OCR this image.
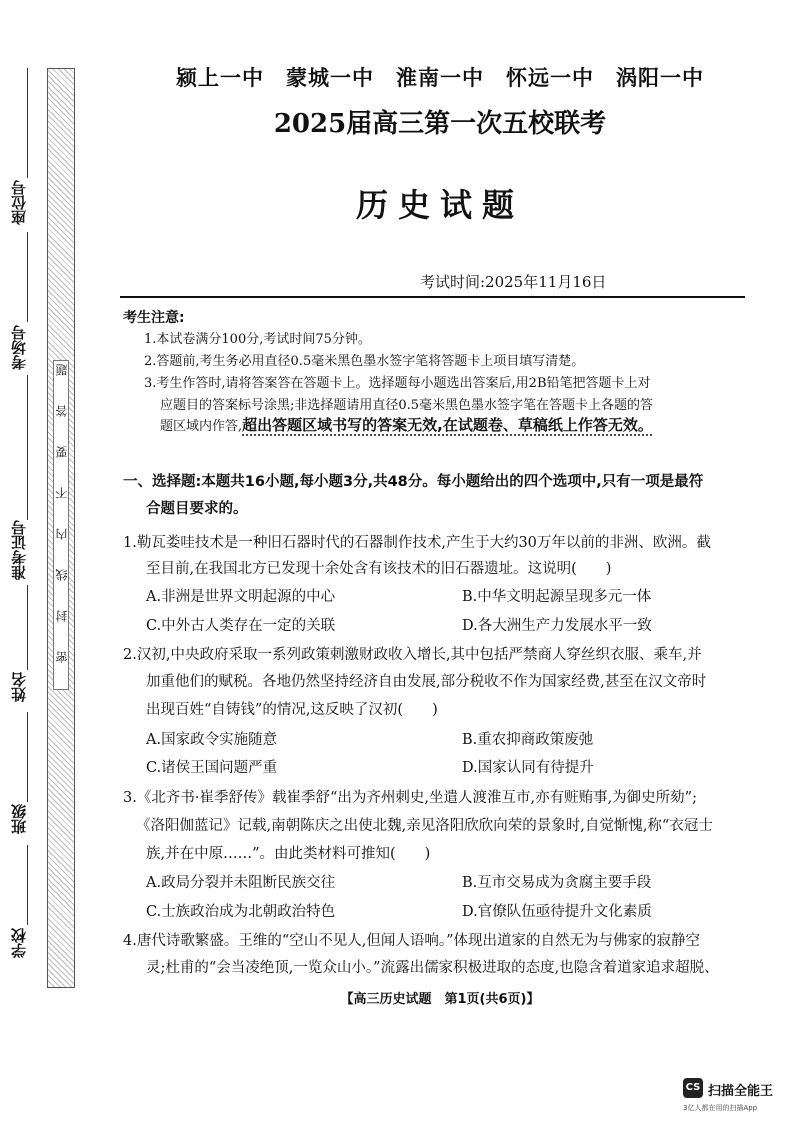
座位号
考场号
准考证号
姓名
班级
学校
题
答
要
不
内
线
封
密
颍上一中　蒙城一中　淮南一中　怀远一中　涡阳一中
2025届高三第一次五校联考
历史试题
考试时间:2025年11月16日
考生注意:
1.本试卷满分100分,考试时间75分钟。
2.答题前,考生务必用直径0.5毫米黑色墨水签字笔将答题卡上项目填写清楚。
3.考生作答时,请将答案答在答题卡上。选择题每小题选出答案后,用2B铅笔把答题卡上对
应题目的答案标号涂黑;非选择题请用直径0.5毫米黑色墨水签字笔在答题卡上各题的答
题区域内作答,超出答题区域书写的答案无效,在试题卷、草稿纸上作答无效。
一、选择题:本题共16小题,每小题3分,共48分。每小题给出的四个选项中,只有一项是最符
合题目要求的。
1.勒瓦娄哇技术是一种旧石器时代的石器制作技术,产生于大约30万年以前的非洲、欧洲。截
至目前,在我国北方已发现十余处含有该技术的旧石器遗址。这说明(　　)
A.非洲是世界文明起源的中心	B.中华文明起源呈现多元一体
C.中外古人类存在一定的关联	D.各大洲生产力发展水平一致
2.汉初,中央政府采取一系列政策刺激财政收入增长,其中包括严禁商人穿丝织衣服、乘车,并
加重他们的赋税。各地仍然坚持经济自由发展,部分税收不作为国家经费,甚至在汉文帝时
出现百姓“自铸钱”的情况,这反映了汉初(　　)
A.国家政令实施随意	B.重农抑商政策废弛
C.诸侯王国问题严重	D.国家认同有待提升
3.《北齐书·崔季舒传》载崔季舒“出为齐州刺史,坐遣人渡淮互市,亦有赃贿事,为御史所劾”;
《洛阳伽蓝记》记载,南朝陈庆之出使北魏,亲见洛阳欣欣向荣的景象时,自觉惭愧,称“衣冠士
族,并在中原……”。由此类材料可推知(　　)
A.政局分裂并未阻断民族交往	B.互市交易成为贪腐主要手段
C.士族政治成为北朝政治特色	D.官僚队伍亟待提升文化素质
4.唐代诗歌繁盛。王维的“空山不见人,但闻人语响。”体现出道家的自然无为与佛家的寂静空
灵;杜甫的“会当凌绝顶,一览众山小。”流露出儒家积极进取的态度,也隐含着道家追求超脱、
【高三历史试题　第1页(共6页)】
CS 扫描全能王
3亿人都在用的扫描App
